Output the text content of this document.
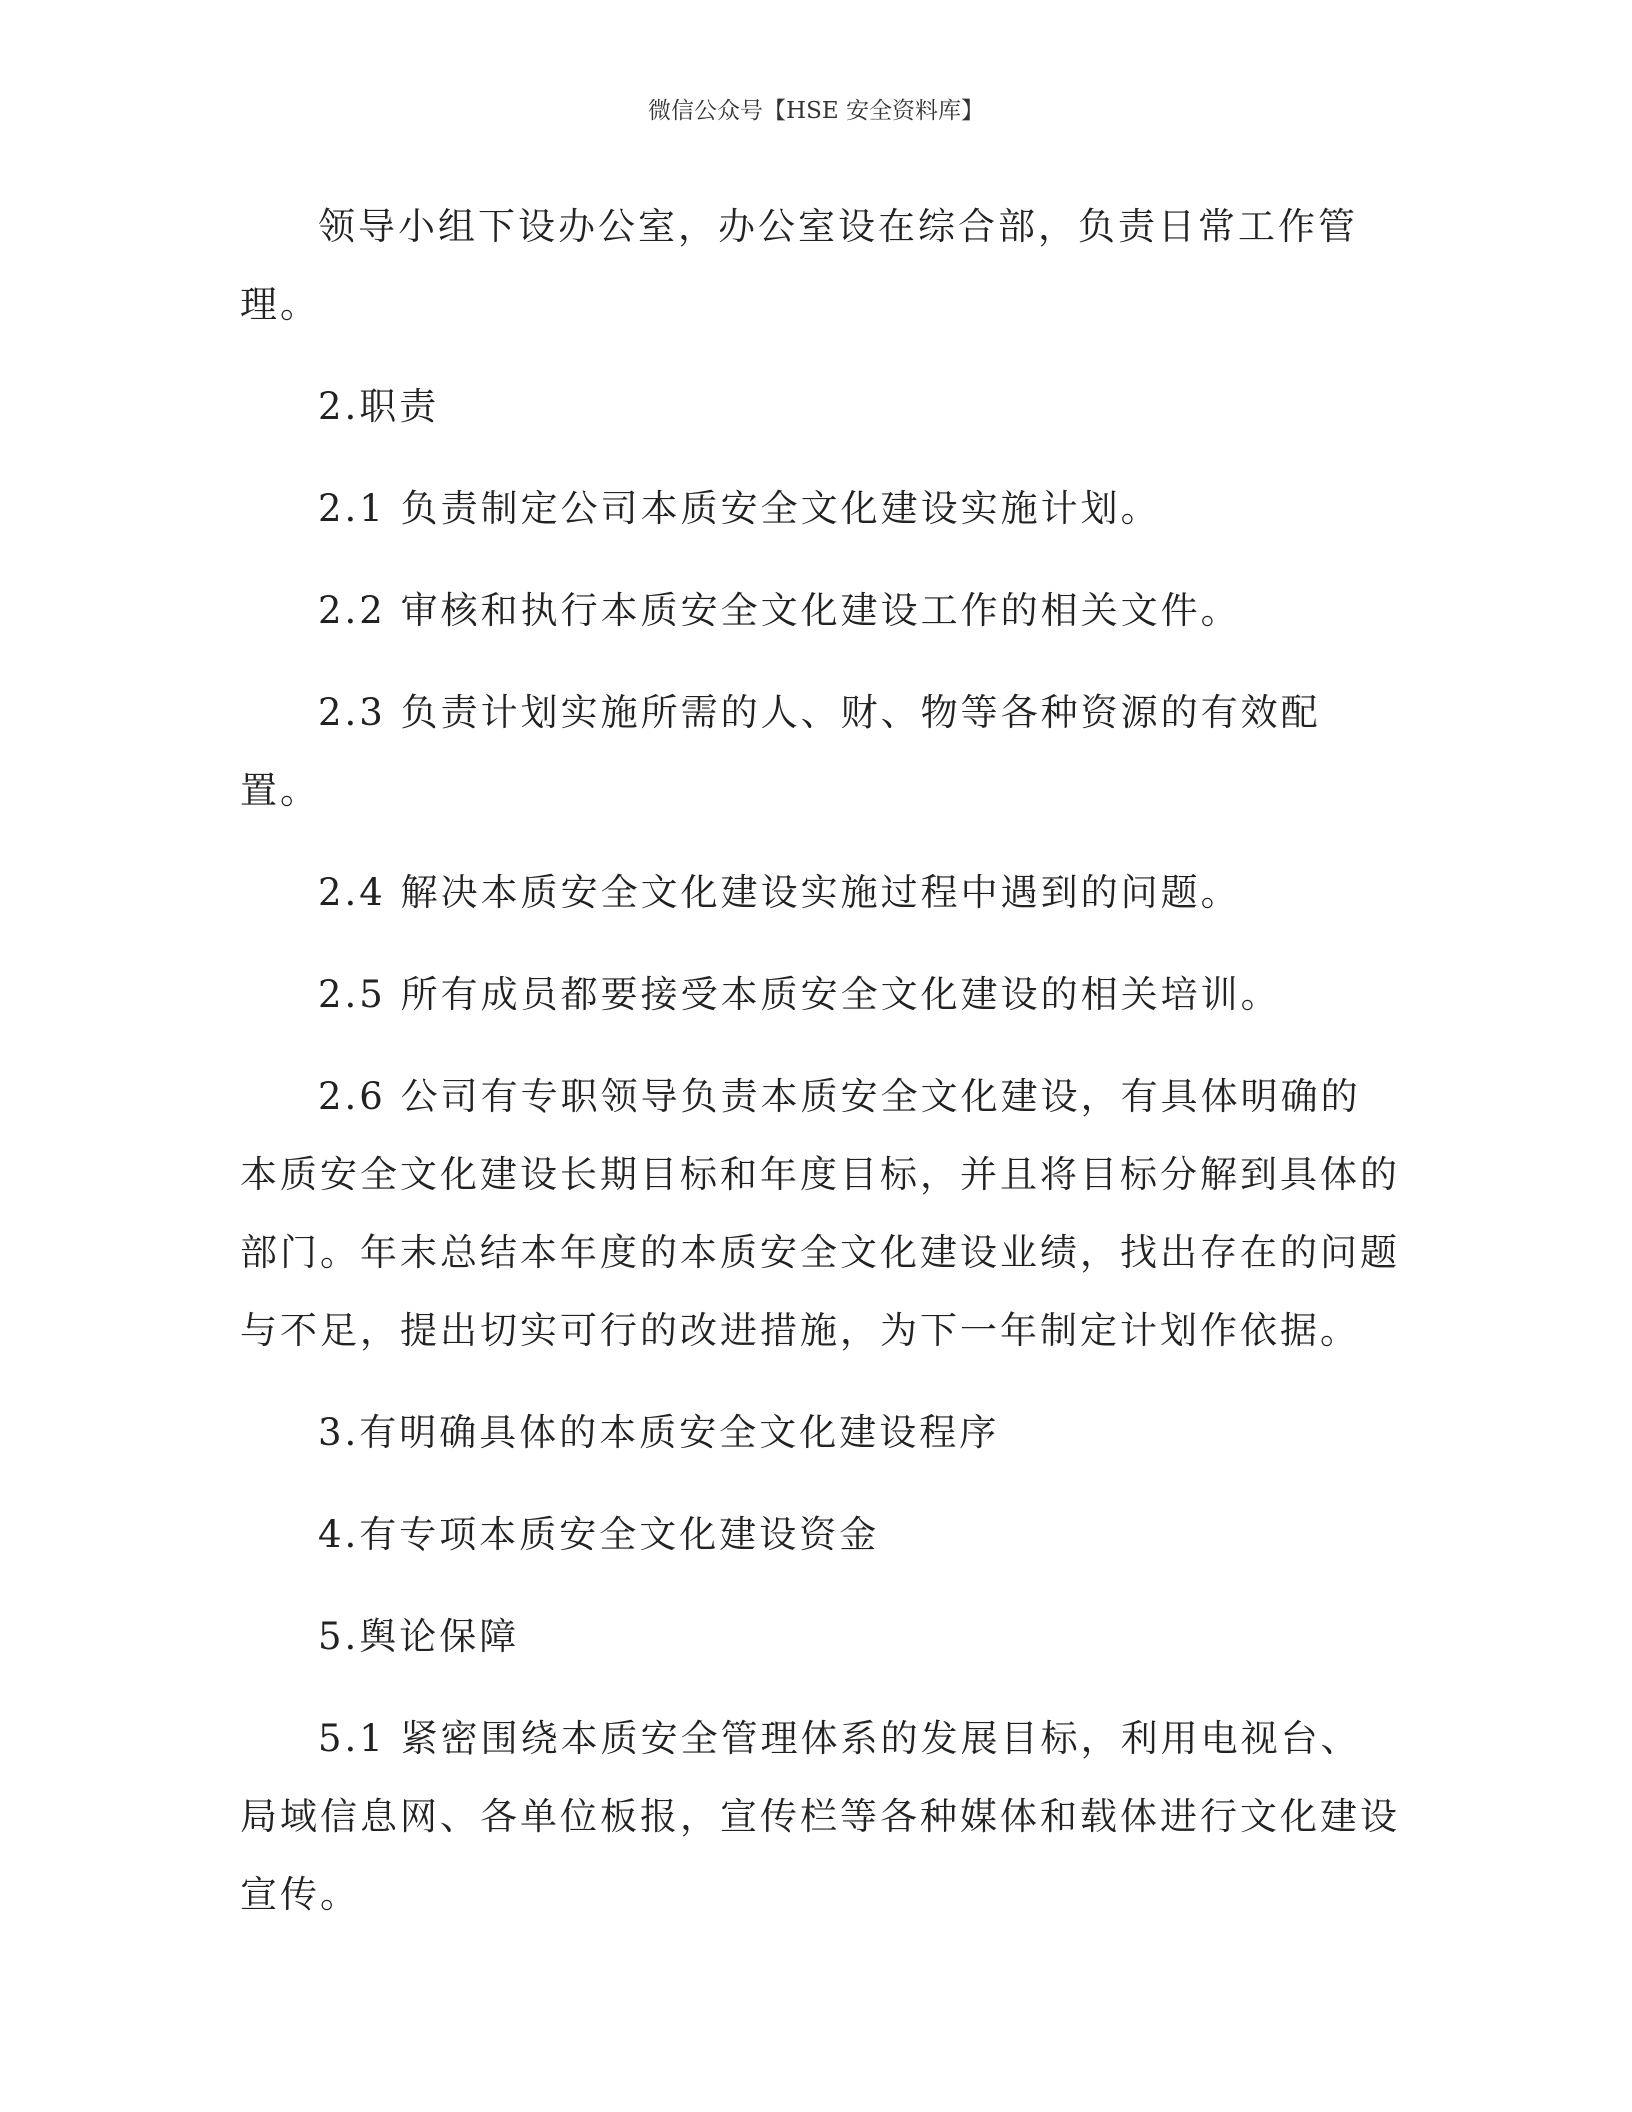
微信公众号【HSE 安全资料库】

领导小组下设办公室，办公室设在综合部，负责日常工作管理。

2.职责

2.1 负责制定公司本质安全文化建设实施计划。

2.2 审核和执行本质安全文化建设工作的相关文件。

2.3 负责计划实施所需的人、财、物等各种资源的有效配置。

2.4 解决本质安全文化建设实施过程中遇到的问题。

2.5 所有成员都要接受本质安全文化建设的相关培训。

2.6 公司有专职领导负责本质安全文化建设，有具体明确的本质安全文化建设长期目标和年度目标，并且将目标分解到具体的部门。年末总结本年度的本质安全文化建设业绩，找出存在的问题与不足，提出切实可行的改进措施，为下一年制定计划作依据。

3.有明确具体的本质安全文化建设程序

4.有专项本质安全文化建设资金

5.舆论保障

5.1 紧密围绕本质安全管理体系的发展目标，利用电视台、局域信息网、各单位板报，宣传栏等各种媒体和载体进行文化建设宣传。
